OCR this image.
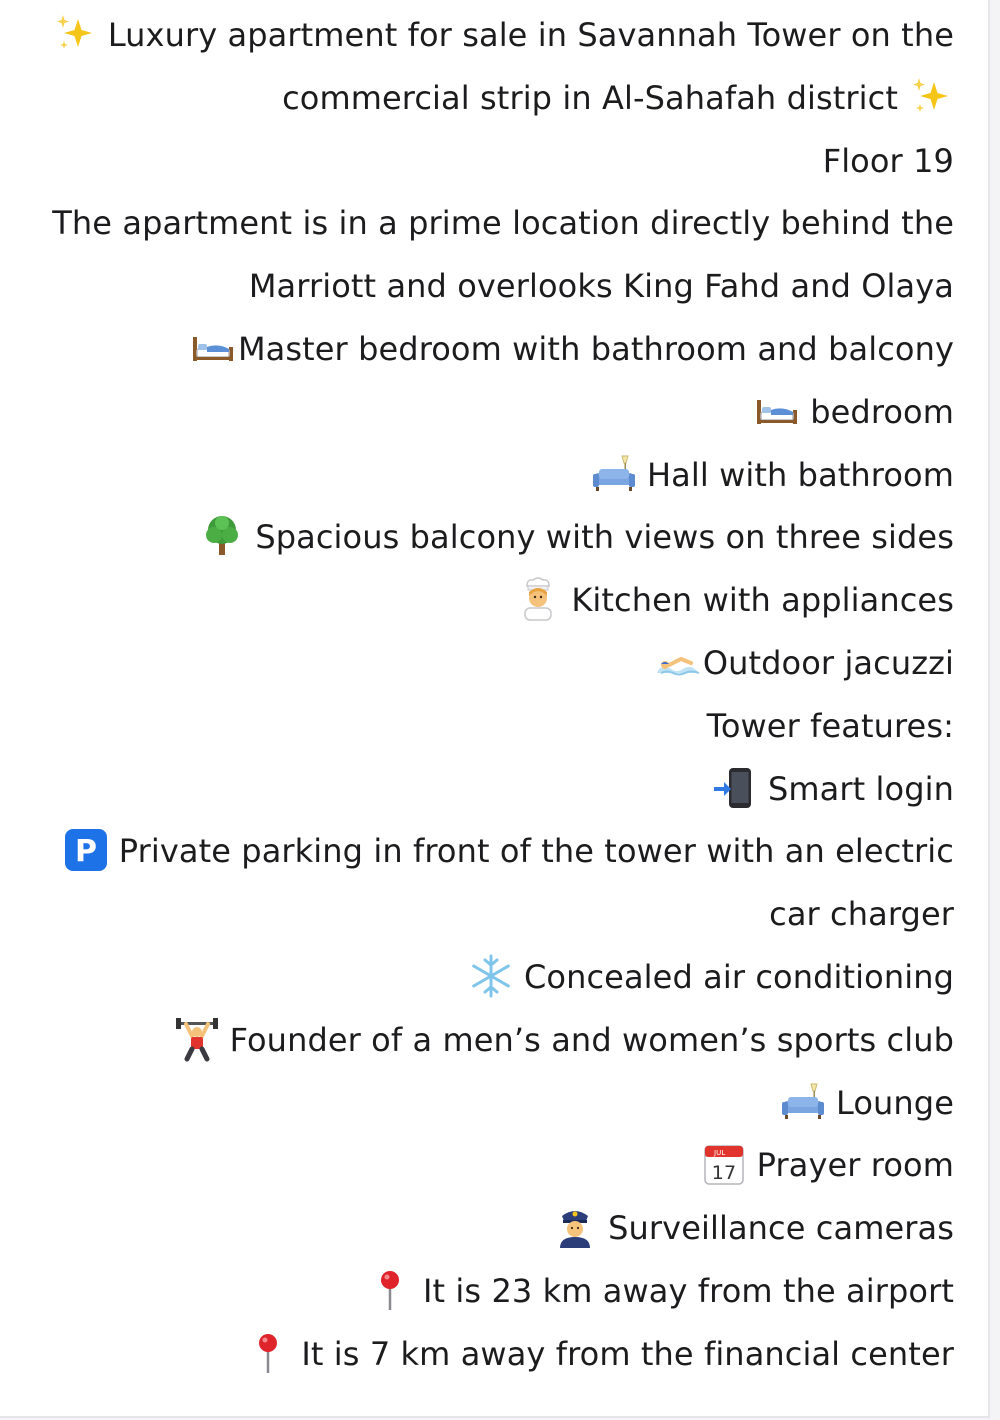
Luxury apartment for sale in Savannah Tower on the
commercial strip in Al-Sahafah district
Floor 19
The apartment is in a prime location directly behind the
Marriott and overlooks King Fahd and Olaya
Master bedroom with bathroom and balcony
bedroom
Hall with bathroom
Spacious balcony with views on three sides
Kitchen with appliances
Outdoor jacuzzi
Tower features:
Smart login
P Private parking in front of the tower with an electric
car charger
Concealed air conditioning
Founder of a men’s and women’s sports club
Lounge
JUL
17 Prayer room
Surveillance cameras
It is 23 km away from the airport
It is 7 km away from the financial center
